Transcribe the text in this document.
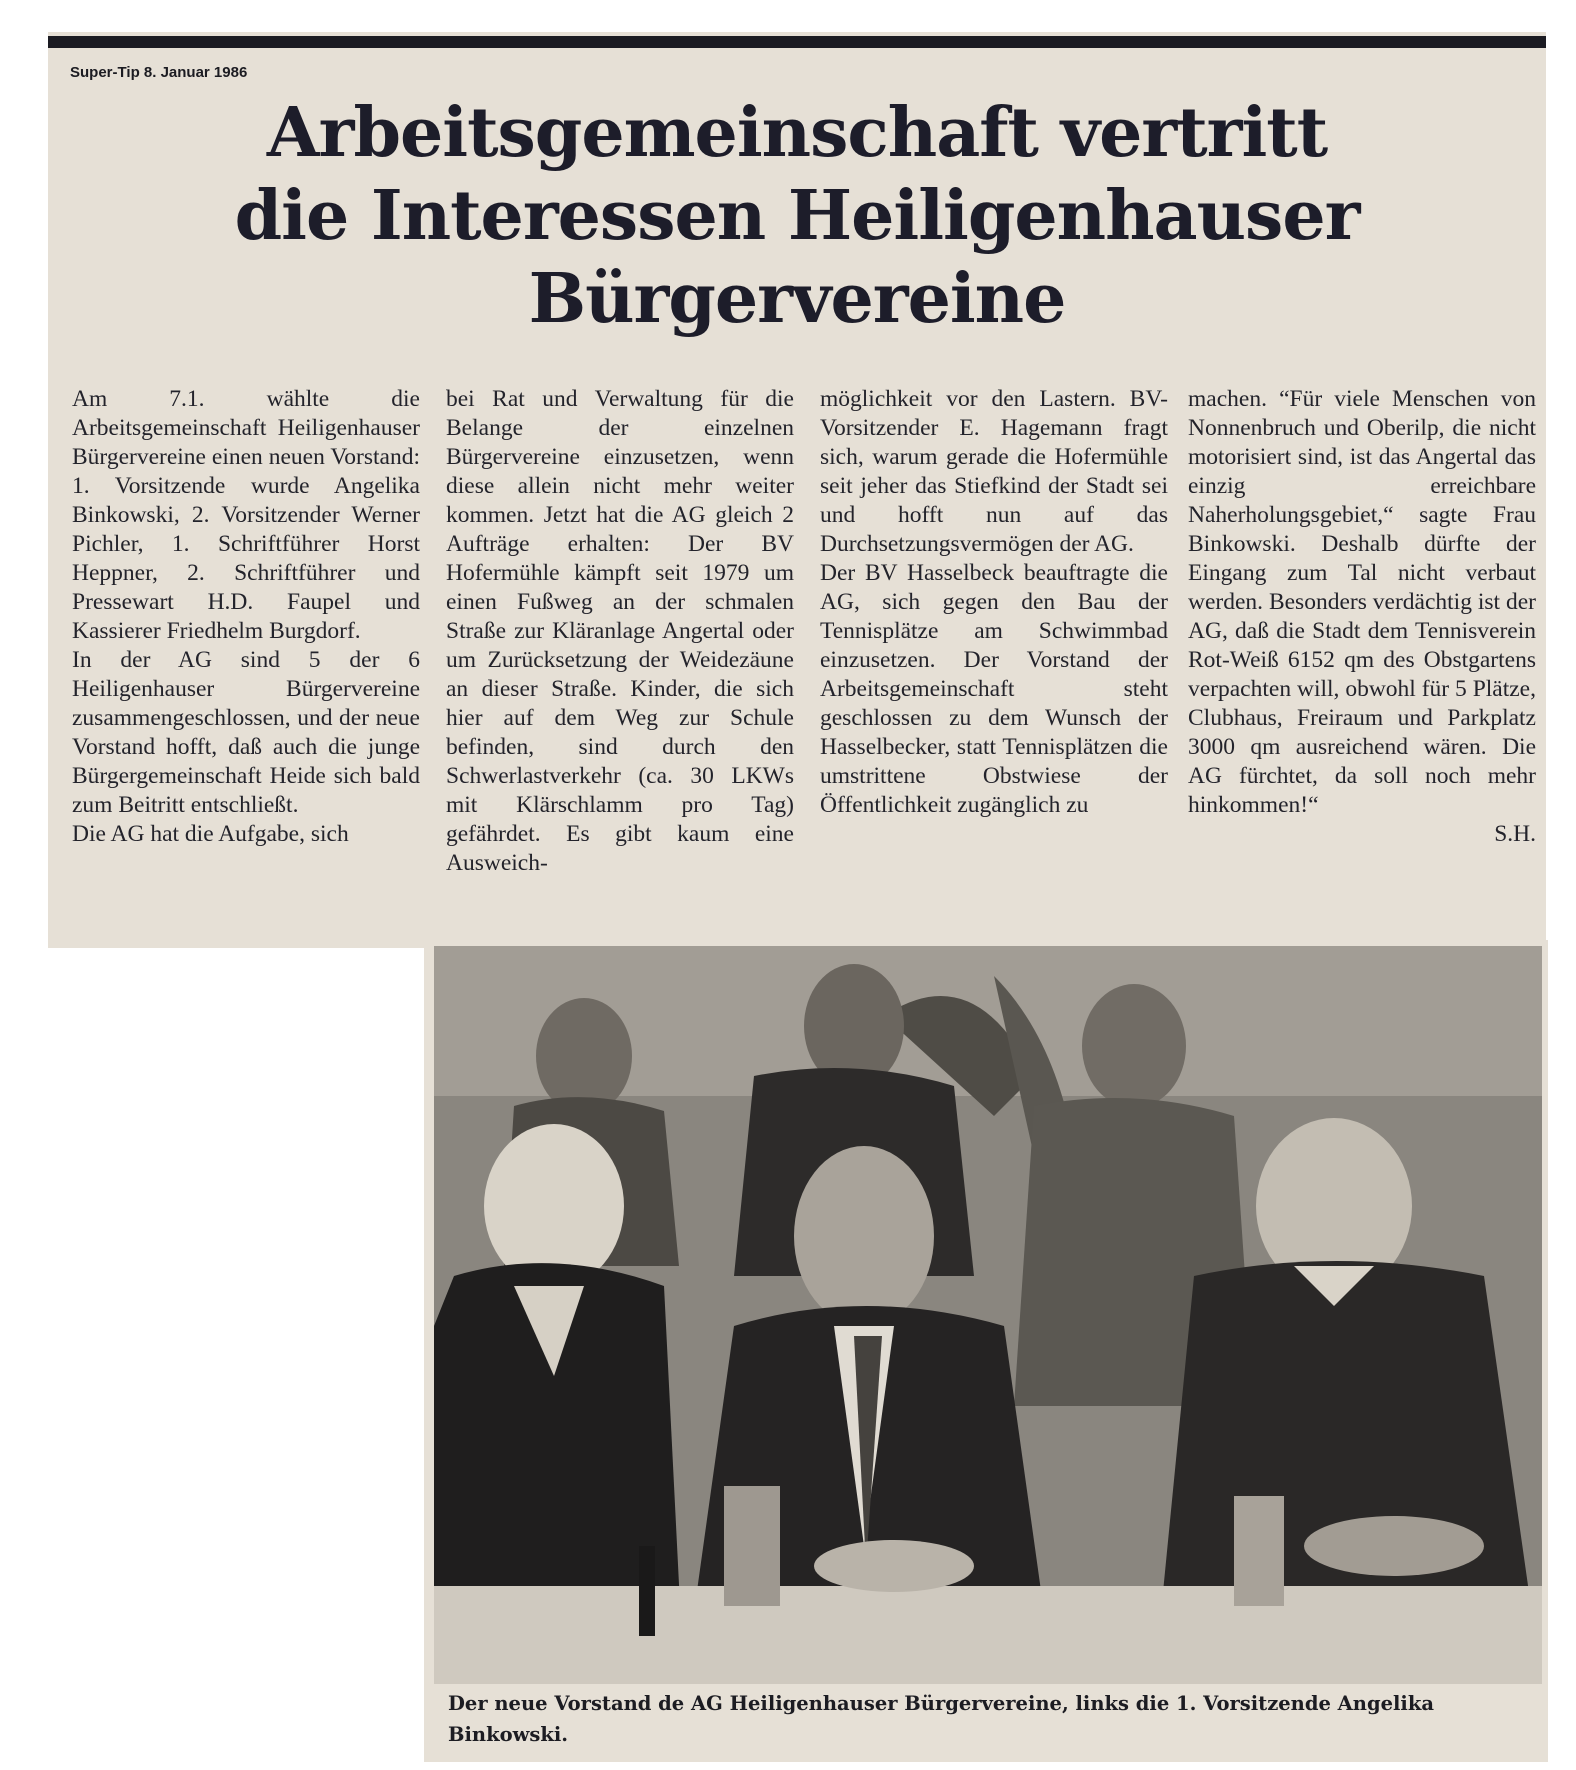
Super-Tip 8. Januar 1986
Arbeitsgemeinschaft vertritt
die Interessen Heiligenhauser
Bürgervereine

Am 7.1. wählte die Arbeitsgemeinschaft Heiligenhauser Bürgervereine einen neuen Vorstand: 1. Vorsitzende wurde Angelika Binkowski, 2. Vorsitzender Werner Pichler, 1. Schriftführer Horst Heppner, 2. Schriftführer und Pressewart H.D. Faupel und Kassierer Friedhelm Burgdorf.

In der AG sind 5 der 6 Heiligenhauser Bürgervereine zusammengeschlossen, und der neue Vorstand hofft, daß auch die junge Bürgergemeinschaft Heide sich bald zum Beitritt entschließt.

Die AG hat die Aufgabe, sich

bei Rat und Verwaltung für die Belange der einzelnen Bürgervereine einzusetzen, wenn diese allein nicht mehr weiter kommen. Jetzt hat die AG gleich 2 Aufträge erhalten: Der BV Hofermühle kämpft seit 1979 um einen Fußweg an der schmalen Straße zur Kläranlage Angertal oder um Zurücksetzung der Weidezäune an dieser Straße. Kinder, die sich hier auf dem Weg zur Schule befinden, sind durch den Schwerlastverkehr (ca. 30 LKWs mit Klärschlamm pro Tag) gefährdet. Es gibt kaum eine Ausweich-

möglichkeit vor den Lastern. BV-Vorsitzender E. Hagemann fragt sich, warum gerade die Hofermühle seit jeher das Stiefkind der Stadt sei und hofft nun auf das Durchsetzungsvermögen der AG.

Der BV Hasselbeck beauftragte die AG, sich gegen den Bau der Tennisplätze am Schwimmbad einzusetzen. Der Vorstand der Arbeitsgemeinschaft steht geschlossen zu dem Wunsch der Hasselbecker, statt Tennisplätzen die umstrittene Obstwiese der Öffentlichkeit zugänglich zu

machen. “Für viele Menschen von Nonnenbruch und Oberilp, die nicht motorisiert sind, ist das Angertal das einzig erreichbare Naherholungsgebiet,“ sagte Frau Binkowski. Deshalb dürfte der Eingang zum Tal nicht verbaut werden. Besonders verdächtig ist der AG, daß die Stadt dem Tennisverein Rot-Weiß 6152 qm des Obstgartens verpachten will, obwohl für 5 Plätze, Clubhaus, Freiraum und Parkplatz 3000 qm ausreichend wären. Die AG fürchtet, da soll noch mehr hinkommen!“

S.H.

Der neue Vorstand de AG Heiligenhauser Bürgervereine, links die 1. Vorsitzende Angelika Binkowski.
